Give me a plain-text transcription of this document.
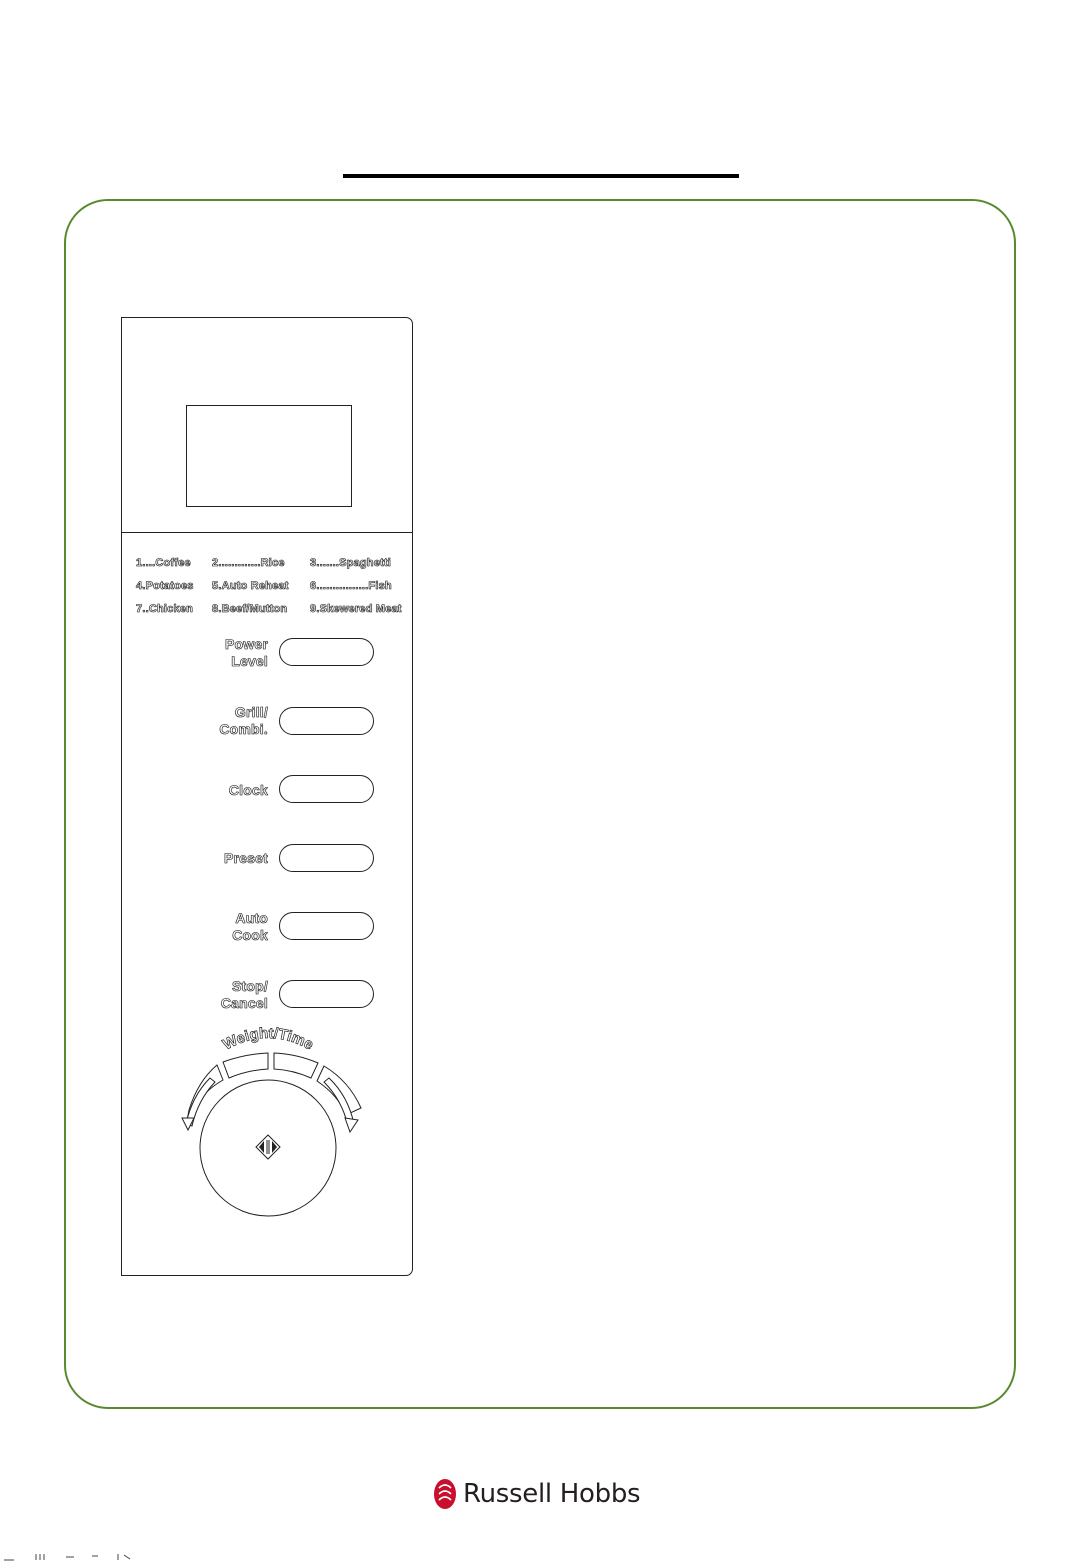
1....Coffee	2.............Rice	3.......Spaghetti
4.Potatoes	5.Auto Reheat	6................Fish
7..Chicken	8.Beef/Mutton	9.Skewered Meat
Power
Level
Grill/
Combi.
Clock
Preset
Auto
Cook
Stop/
Cancel
Weight/Time
Russell Hobbs
